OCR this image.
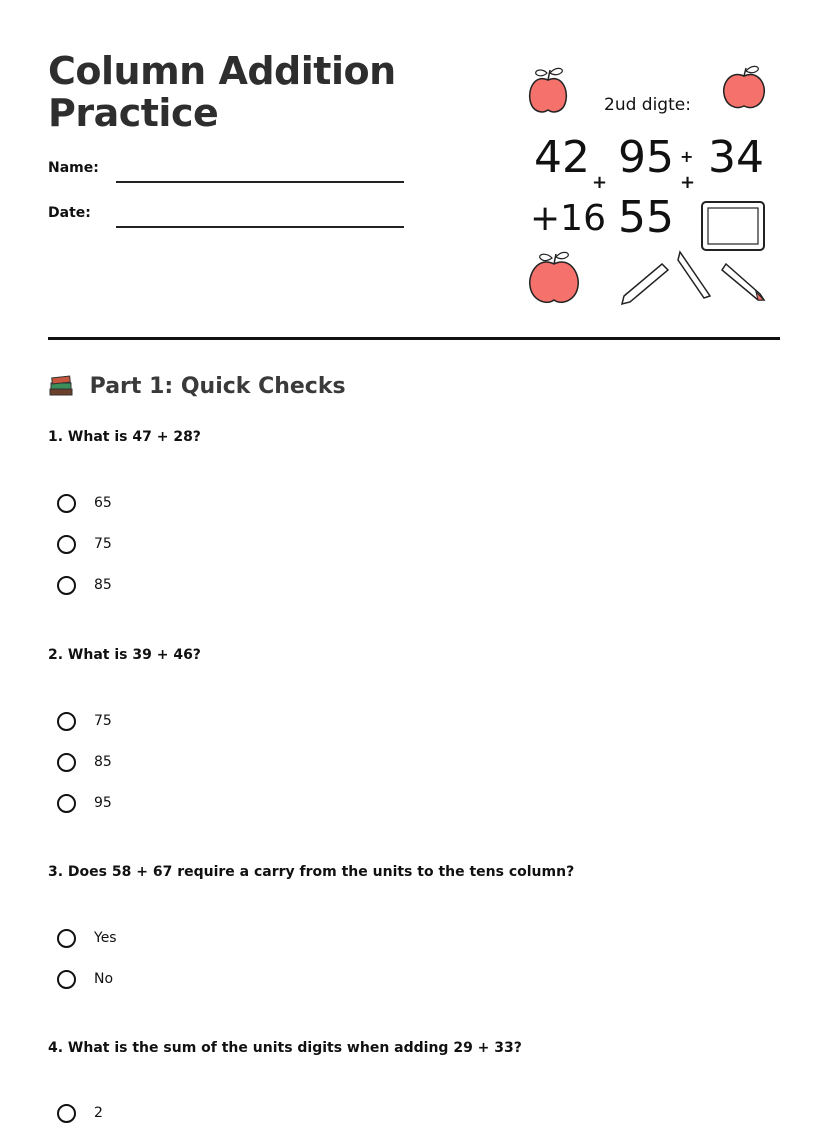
Column Addition
Practice
Name:
Date:
2ud digte:
42 95 34
+16 55
+
+
+
Part 1: Quick Checks
1. What is 47 + 28?
65
75
85
2. What is 39 + 46?
75
85
95
3. Does 58 + 67 require a carry from the units to the tens column?
Yes
No
4. What is the sum of the units digits when adding 29 + 33?
2
